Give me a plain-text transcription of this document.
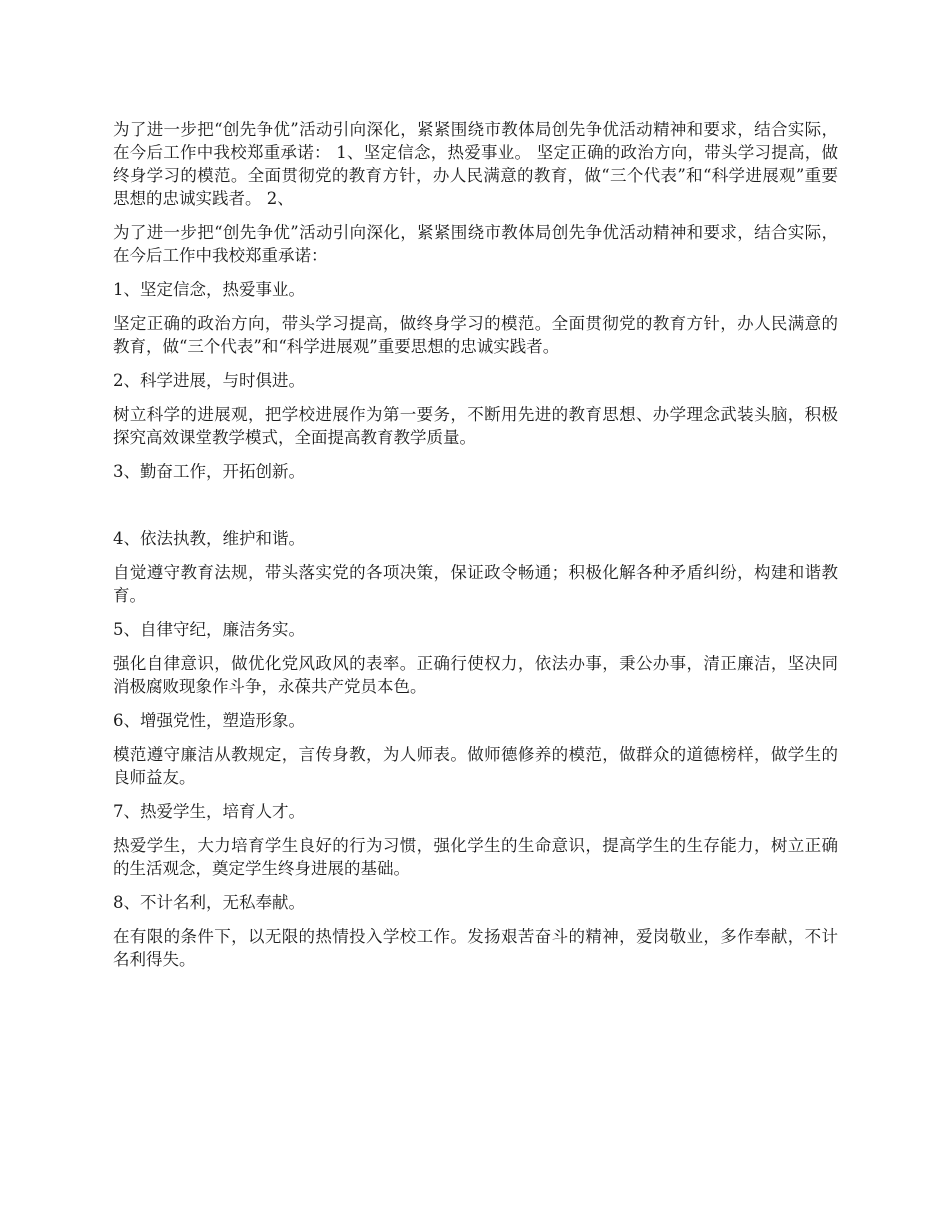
为了进一步把“创先争优”活动引向深化，紧紧围绕市教体局创先争优活动精神和要求，结合实际，在今后工作中我校郑重承诺： 1、坚定信念，热爱事业。 坚定正确的政治方向，带头学习提高，做终身学习的模范。全面贯彻党的教育方针，办人民满意的教育，做“三个代表”和“科学进展观”重要思想的忠诚实践者。 2、

为了进一步把“创先争优”活动引向深化，紧紧围绕市教体局创先争优活动精神和要求，结合实际，在今后工作中我校郑重承诺：

1、坚定信念，热爱事业。

坚定正确的政治方向，带头学习提高，做终身学习的模范。全面贯彻党的教育方针，办人民满意的教育，做“三个代表”和“科学进展观”重要思想的忠诚实践者。

2、科学进展，与时俱进。

树立科学的进展观，把学校进展作为第一要务，不断用先进的教育思想、办学理念武装头脑，积极探究高效课堂教学模式，全面提高教育教学质量。

3、勤奋工作，开拓创新。

4、依法执教，维护和谐。

自觉遵守教育法规，带头落实党的各项决策，保证政令畅通；积极化解各种矛盾纠纷，构建和谐教育。

5、自律守纪，廉洁务实。

强化自律意识，做优化党风政风的表率。正确行使权力，依法办事，秉公办事，清正廉洁，坚决同消极腐败现象作斗争，永葆共产党员本色。

6、增强党性，塑造形象。

模范遵守廉洁从教规定，言传身教，为人师表。做师德修养的模范，做群众的道德榜样，做学生的良师益友。

7、热爱学生，培育人才。

热爱学生，大力培育学生良好的行为习惯，强化学生的生命意识，提高学生的生存能力，树立正确的生活观念，奠定学生终身进展的基础。

8、不计名利，无私奉献。

在有限的条件下，以无限的热情投入学校工作。发扬艰苦奋斗的精神，爱岗敬业，多作奉献，不计名利得失。
